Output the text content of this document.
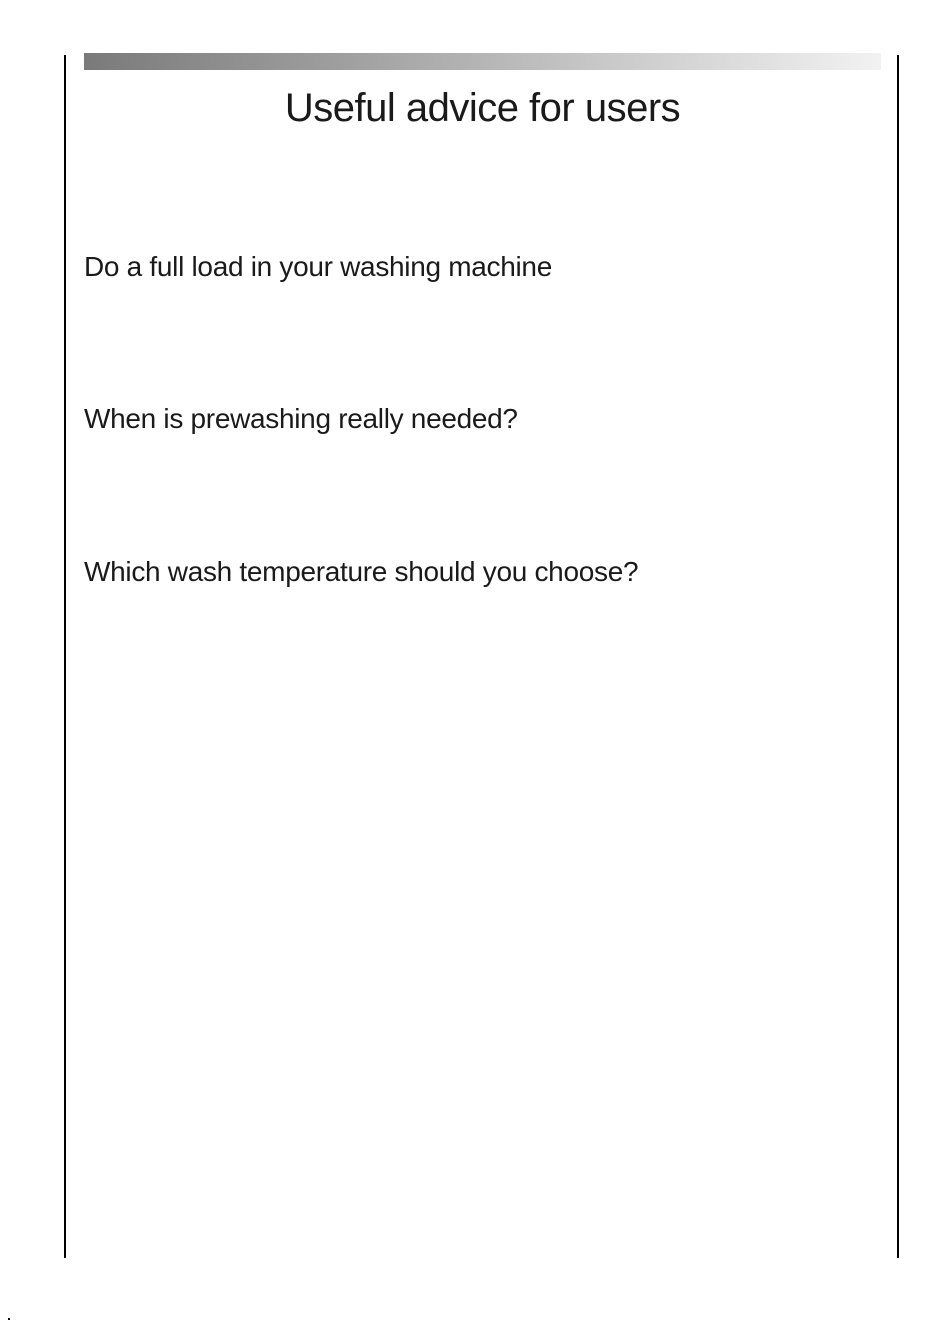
Useful advice for users
Do a full load in your washing machine
When is prewashing really needed?
Which wash temperature should you choose?
